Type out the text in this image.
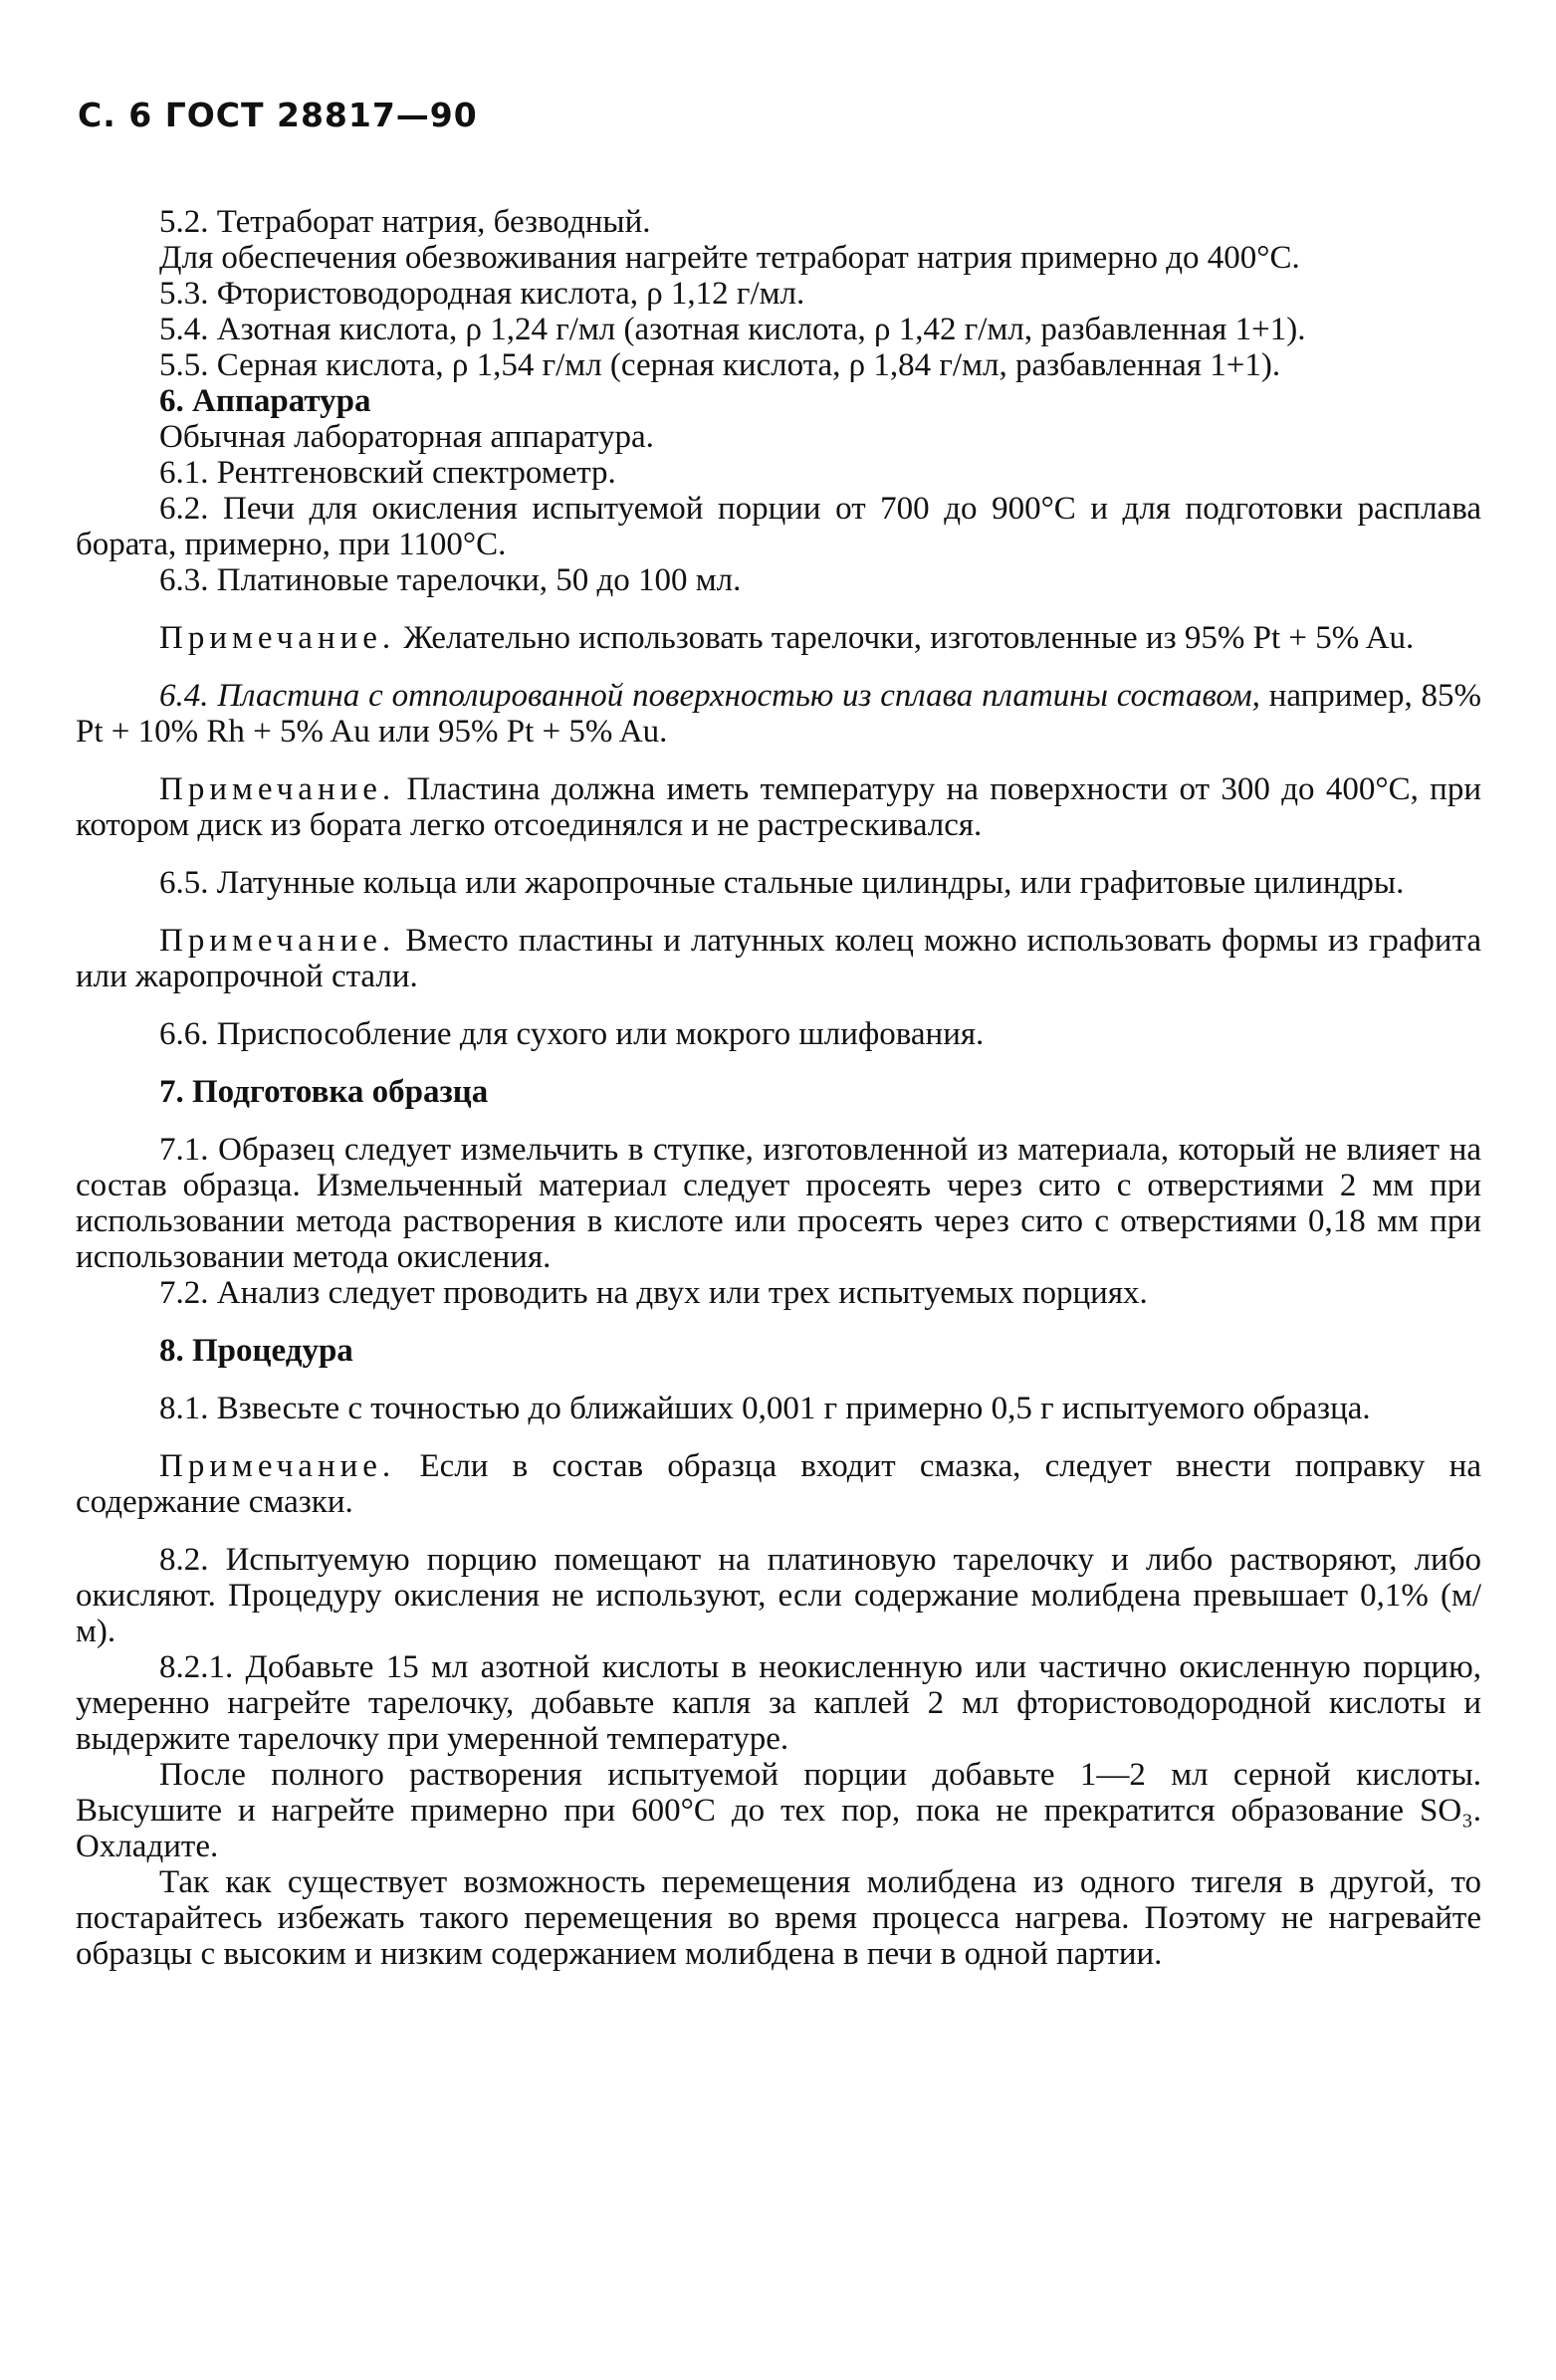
С. 6 ГОСТ 28817—90

5.2. Тетраборат натрия, безводный.

Для обеспечения обезвоживания нагрейте тетраборат натрия примерно до 400°С.

5.3. Фтористоводородная кислота, ρ 1,12 г/мл.

5.4. Азотная кислота, ρ 1,24 г/мл (азотная кислота, ρ 1,42 г/мл, разбавленная 1+1).

5.5. Серная кислота, ρ 1,54 г/мл (серная кислота, ρ 1,84 г/мл, разбавленная 1+1).

6. Аппаратура

Обычная лабораторная аппаратура.

6.1. Рентгеновский спектрометр.

6.2. Печи для окисления испытуемой порции от 700 до 900°С и для подготовки расплава бората, примерно, при 1100°С.

6.3. Платиновые тарелочки, 50 до 100 мл.

Примечание. Желательно использовать тарелочки, изготовленные из 95% Pt + 5% Au.

6.4. Пластина с отполированной поверхностью из сплава платины составом, например, 85% Pt + 10% Rh + 5% Au или 95% Pt + 5% Au.

Примечание. Пластина должна иметь температуру на поверхности от 300 до 400°С, при котором диск из бората легко отсоединялся и не растрескивался.

6.5. Латунные кольца или жаропрочные стальные цилиндры, или графитовые цилиндры.

Примечание. Вместо пластины и латунных колец можно использовать формы из графита или жаропрочной стали.

6.6. Приспособление для сухого или мокрого шлифования.

7. Подготовка образца

7.1. Образец следует измельчить в ступке, изготовленной из материала, который не влияет на состав образца. Измельченный материал следует просеять через сито с отверстиями 2 мм при использовании метода растворения в кислоте или просеять через сито с отверстиями 0,18 мм при использовании метода окисления.

7.2. Анализ следует проводить на двух или трех испытуемых порциях.

8. Процедура

8.1. Взвесьте с точностью до ближайших 0,001 г примерно 0,5 г испытуемого образца.

Примечание. Если в состав образца входит смазка, следует внести поправку на содержание смазки.

8.2. Испытуемую порцию помещают на платиновую тарелочку и либо растворяют, либо окисляют. Процедуру окисления не используют, если содержание молибдена превышает 0,1% (м/м).

8.2.1. Добавьте 15 мл азотной кислоты в неокисленную или частично окисленную порцию, умеренно нагрейте тарелочку, добавьте капля за каплей 2 мл фтористоводородной кислоты и выдержите тарелочку при умеренной температуре.

После полного растворения испытуемой порции добавьте 1—2 мл серной кислоты. Высушите и нагрейте примерно при 600°С до тех пор, пока не прекратится образование SO₃. Охладите.

Так как существует возможность перемещения молибдена из одного тигеля в другой, то постарайтесь избежать такого перемещения во время процесса нагрева. Поэтому не нагревайте образцы с высоким и низким содержанием молибдена в печи в одной партии.
